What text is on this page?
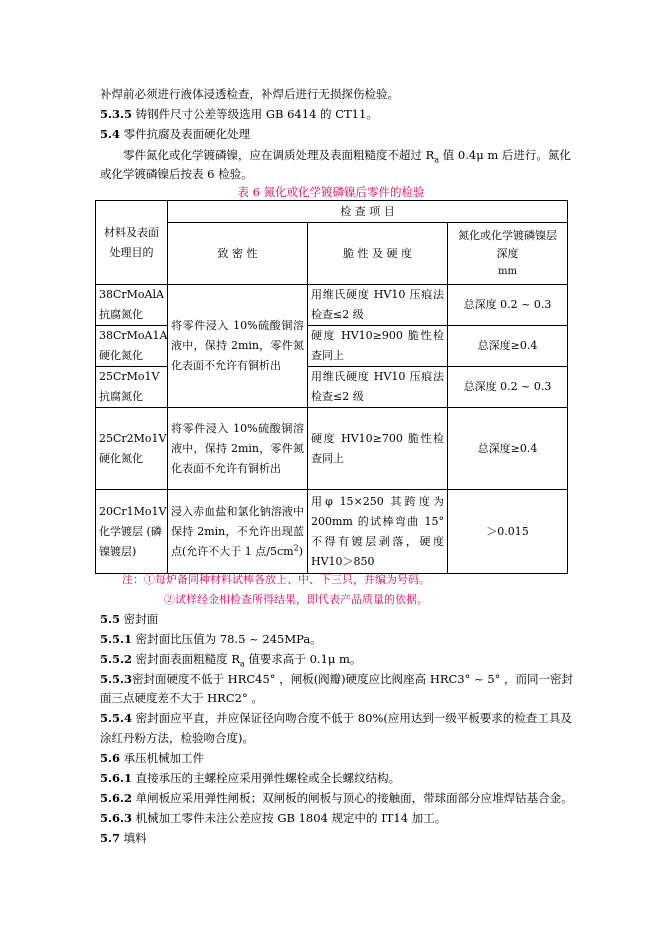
补焊前必须进行液体浸透检查，补焊后进行无损探伤检验。
5.3.5 铸钢件尺寸公差等级选用 GB 6414 的 CT11。
5.4 零件抗腐及表面硬化处理
零件氮化或化学镀磷镍，应在调质处理及表面粗糙度不超过 $R_a$ 值 0.4μ m 后进行。氮化
或化学镀磷镍后按表 6 检验。
表 6 氮化或化学镀磷镍后零件的检验
材料及表面处理目的	检 查 项 目		
	致 密 性	脆 性 及 硬 度	氮化或化学镀磷镍层
深度
mm

38CrMoAlA 抗腐氮化	将零件浸入 10%硫酸铜溶液中，保持 2min，零件氮化表面不允许有铜析出	用维氏硬度 HV10 压痕法检查≤2 级	总深度 0.2 ~ 0.3
38CrMoA1A 硬化氮化		硬度 HV10≥900 脆性检查同上	总深度≥0.4
25CrMo1V 抗腐氮化		用维氏硬度 HV10 压痕法检查≤2 级	总深度 0.2 ~ 0.3
25Cr2Mo1V 硬化氮化	将零件浸入 10%硫酸铜溶液中，保持 2min，零件氮化表面不允许有铜析出	硬度 HV10≥700 脆性检查同上	总深度≥0.4
20Cr1Mo1V 化学镀层 (磷镍镀层)	浸入赤血盐和氯化钠溶液中保持 2min，不允许出现蓝点(允许不大于 1 点$/5cm^2$)	用φ 15×250 其跨度为 200mm 的试棒弯曲 15°不得有镀层剥落，硬度 HV10＞850	＞0.015
注：①每炉备同种材料试棒各放上、中、下三只，并编为号码。
②试样经金相检查所得结果，即代表产品质量的依据。
5.5 密封面
5.5.1 密封面比压值为 78.5 ~ 245MPa。
5.5.2 密封面表面粗糙度 $R_a$ 值要求高于 0.1μ m。
5.5.3密封面硬度不低于 HRC45° ，闸板(阀瓣)硬度应比阀座高 HRC3° ~ 5° ，而同一密封
面三点硬度差不大于 HRC2° 。
5.5.4 密封面应平直，并应保证径向吻合度不低于 80%(应用达到一级平板要求的检查工具及
涂红丹粉方法，检验吻合度)。
5.6 承压机械加工件
5.6.1 直接承压的主螺栓应采用弹性螺栓或全长螺纹结构。
5.6.2 单闸板应采用弹性闸板；双闸板的闸板与顶心的接触面，带球面部分应堆焊钴基合金。
5.6.3 机械加工零件未注公差应按 GB 1804 规定中的 IT14 加工。
5.7 填料
